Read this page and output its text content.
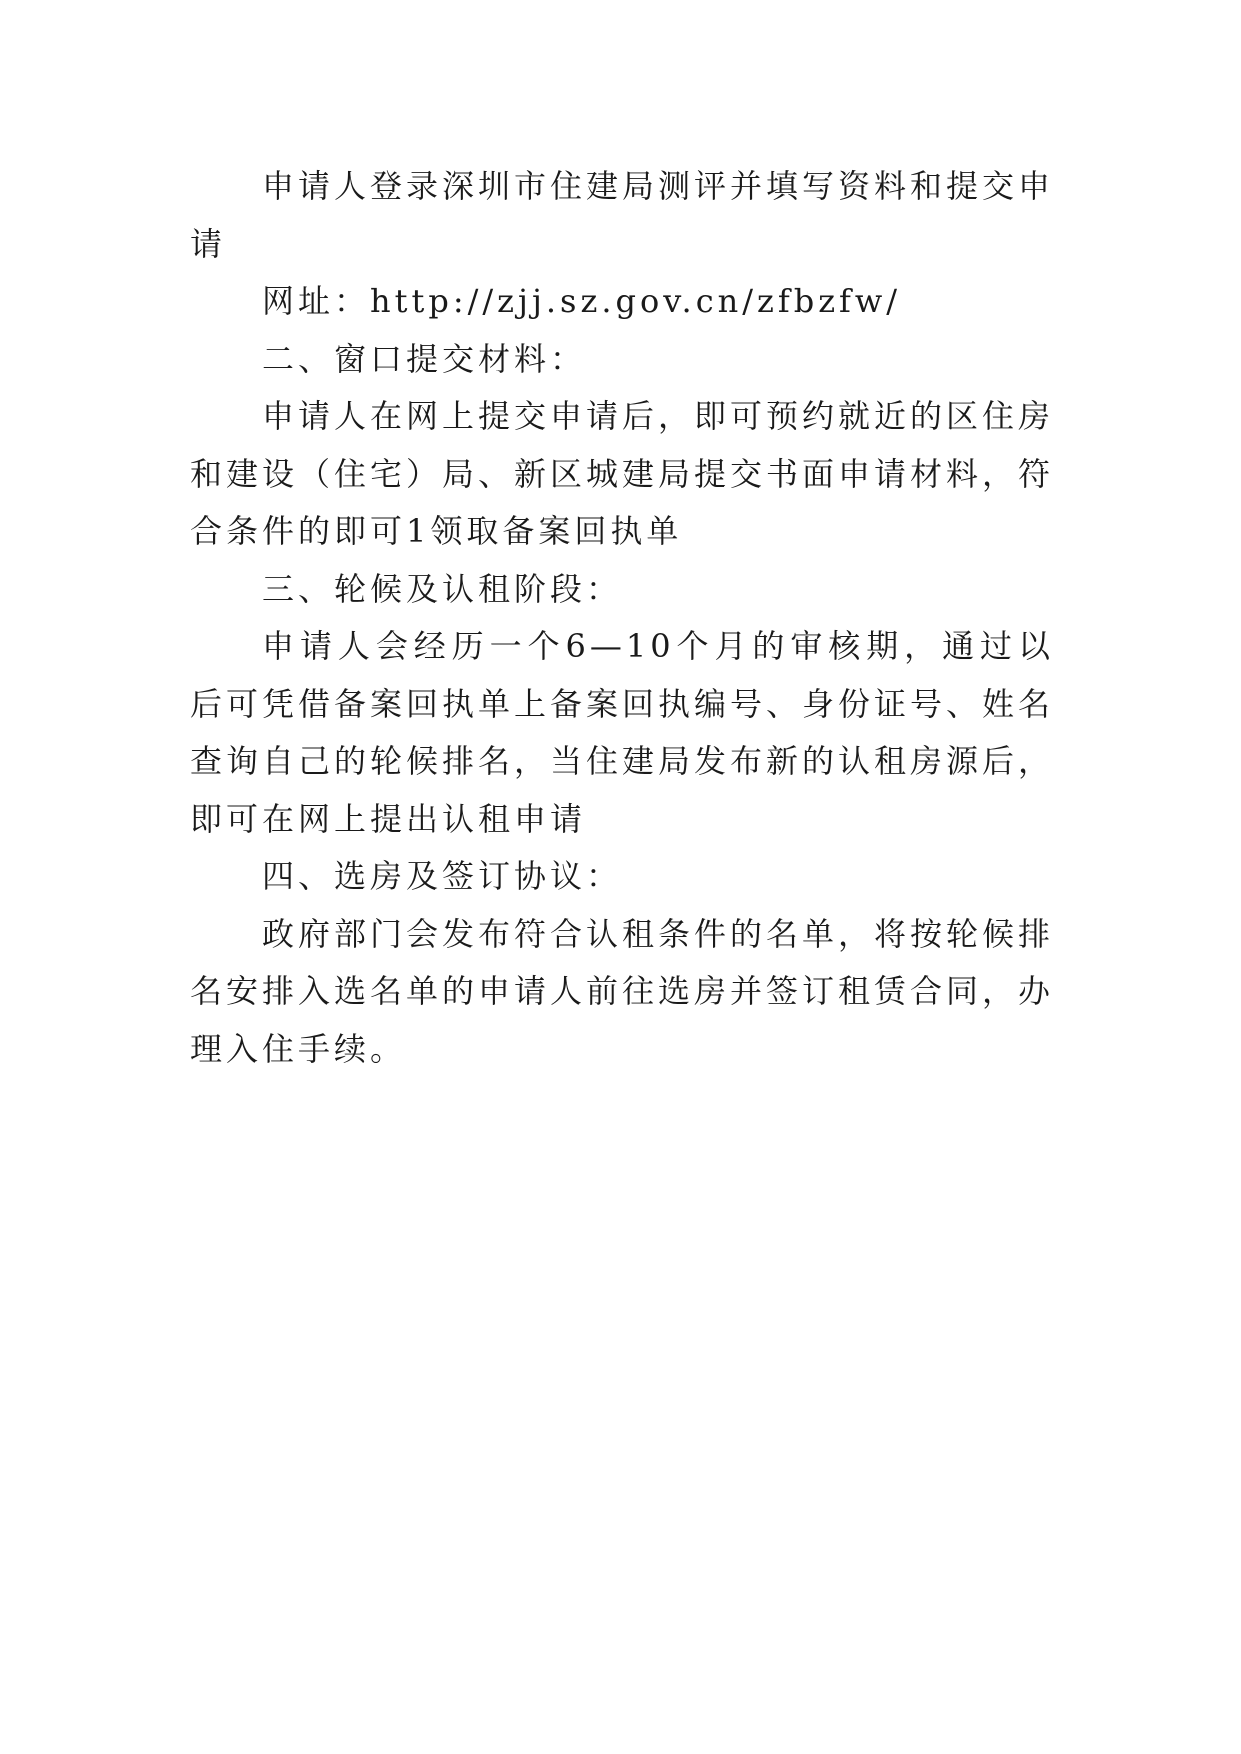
申请人登录深圳市住建局测评并填写资料和提交申请

网址：http://zjj.sz.gov.cn/zfbzfw/

二、窗口提交材料：

申请人在网上提交申请后，即可预约就近的区住房和建设（住宅）局、新区城建局提交书面申请材料，符合条件的即可1领取备案回执单

三、轮候及认租阶段：

申请人会经历一个6—10个月的审核期，通过以后可凭借备案回执单上备案回执编号、身份证号、姓名查询自己的轮候排名，当住建局发布新的认租房源后，即可在网上提出认租申请

四、选房及签订协议：

政府部门会发布符合认租条件的名单，将按轮候排名安排入选名单的申请人前往选房并签订租赁合同，办理入住手续。
